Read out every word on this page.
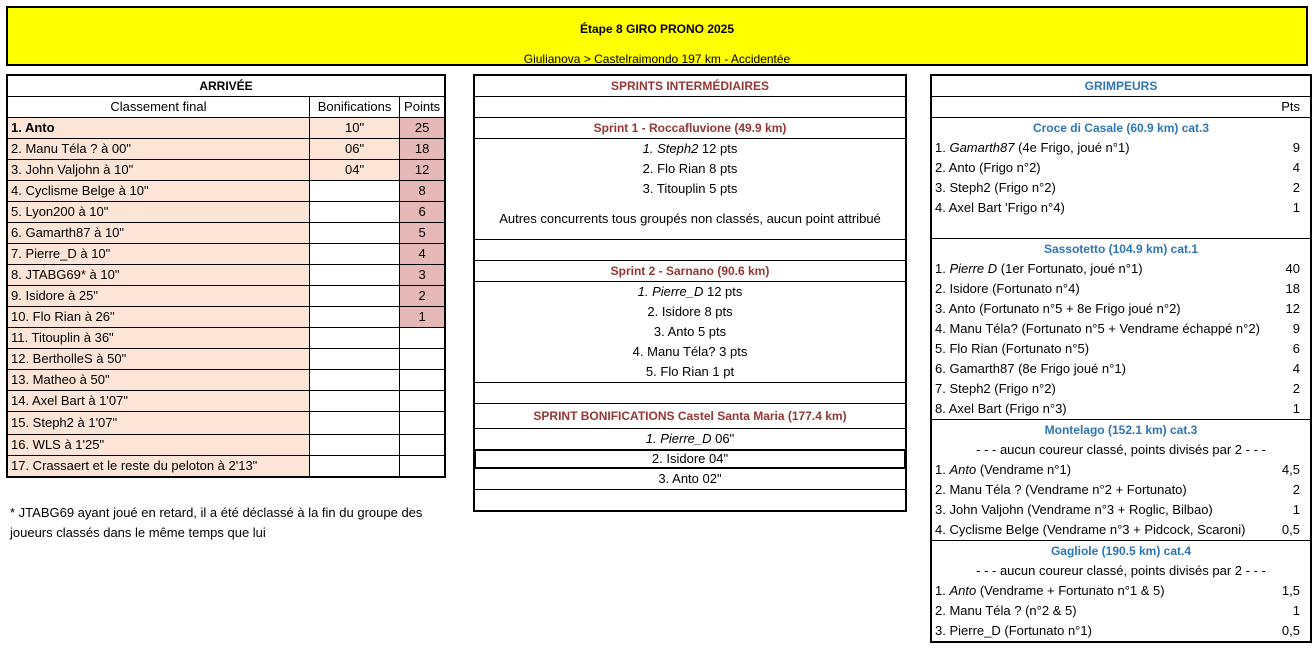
Étape 8 GIRO PRONO 2025
Giulianova > Castelraimondo 197 km - Accidentée
ARRIVÉE		
Classement final	Bonifications	Points
1. Anto	10"	25
2. Manu Téla ? à 00"	06"	18
3. John Valjohn à 10"	04"	12
4. Cyclisme Belge à 10"		8
5. Lyon200 à 10"		6
6. Gamarth87 à 10"		5
7. Pierre_D à 10"		4
8. JTABG69* à 10"		3
9. Isidore à 25"		2
10. Flo Rian à 26"		1
11. Titouplin à 36"		
12. BertholleS à 50"		
13. Matheo à 50"		
14. Axel Bart à 1'07"		
15. Steph2 à 1'07"		
16. WLS à 1'25"		
17. Crassaert et le reste du peloton à 2'13"		
* JTABG69 ayant joué en retard, il a été déclassé à la fin du groupe des joueurs classés dans le même temps que lui
SPRINTS INTERMÉDIAIRES

Sprint 1 - Roccafluvione (49.9 km)
1. Steph2 12 pts
2. Flo Rian 8 pts
3. Titouplin 5 pts
Autres concurrents tous groupés non classés, aucun point attribué

Sprint 2 - Sarnano (90.6 km)
1. Pierre_D 12 pts
2. Isidore 8 pts
3. Anto 5 pts
4. Manu Téla? 3 pts
5. Flo Rian 1 pt

SPRINT BONIFICATIONS Castel Santa Maria (177.4 km)
1. Pierre_D 06"
2. Isidore 04"
3. Anto 02"

GRIMPEURS	
	Pts
Croce di Casale (60.9 km) cat.3	
1. Gamarth87 (4e Frigo, joué n°1)	9
2. Anto (Frigo n°2)	4
3. Steph2 (Frigo n°2)	2
4. Axel Bart 'Frigo n°4)	1

Sassotetto (104.9 km) cat.1	
1. Pierre D (1er Fortunato, joué n°1)	40
2. Isidore (Fortunato n°4)	18
3. Anto (Fortunato n°5 + 8e Frigo joué n°2)	12
4. Manu Téla? (Fortunato n°5 + Vendrame échappé n°2)	9
5. Flo Rian (Fortunato n°5)	6
6. Gamarth87 (8e Frigo joué n°1)	4
7. Steph2 (Frigo n°2)	2
8. Axel Bart (Frigo n°3)	1
Montelago (152.1 km) cat.3	
- - - aucun coureur classé, points divisés par 2 - - -	
1. Anto (Vendrame n°1)	4,5
2. Manu Téla ? (Vendrame n°2 + Fortunato)	2
3. John Valjohn (Vendrame n°3 + Roglic, Bilbao)	1
4. Cyclisme Belge (Vendrame n°3 + Pidcock, Scaroni)	0,5
Gagliole (190.5 km) cat.4	
- - - aucun coureur classé, points divisés par 2 - - -	
1. Anto (Vendrame + Fortunato n°1 & 5)	1,5
2. Manu Téla ? (n°2 & 5)	1
3. Pierre_D (Fortunato n°1)	0,5
